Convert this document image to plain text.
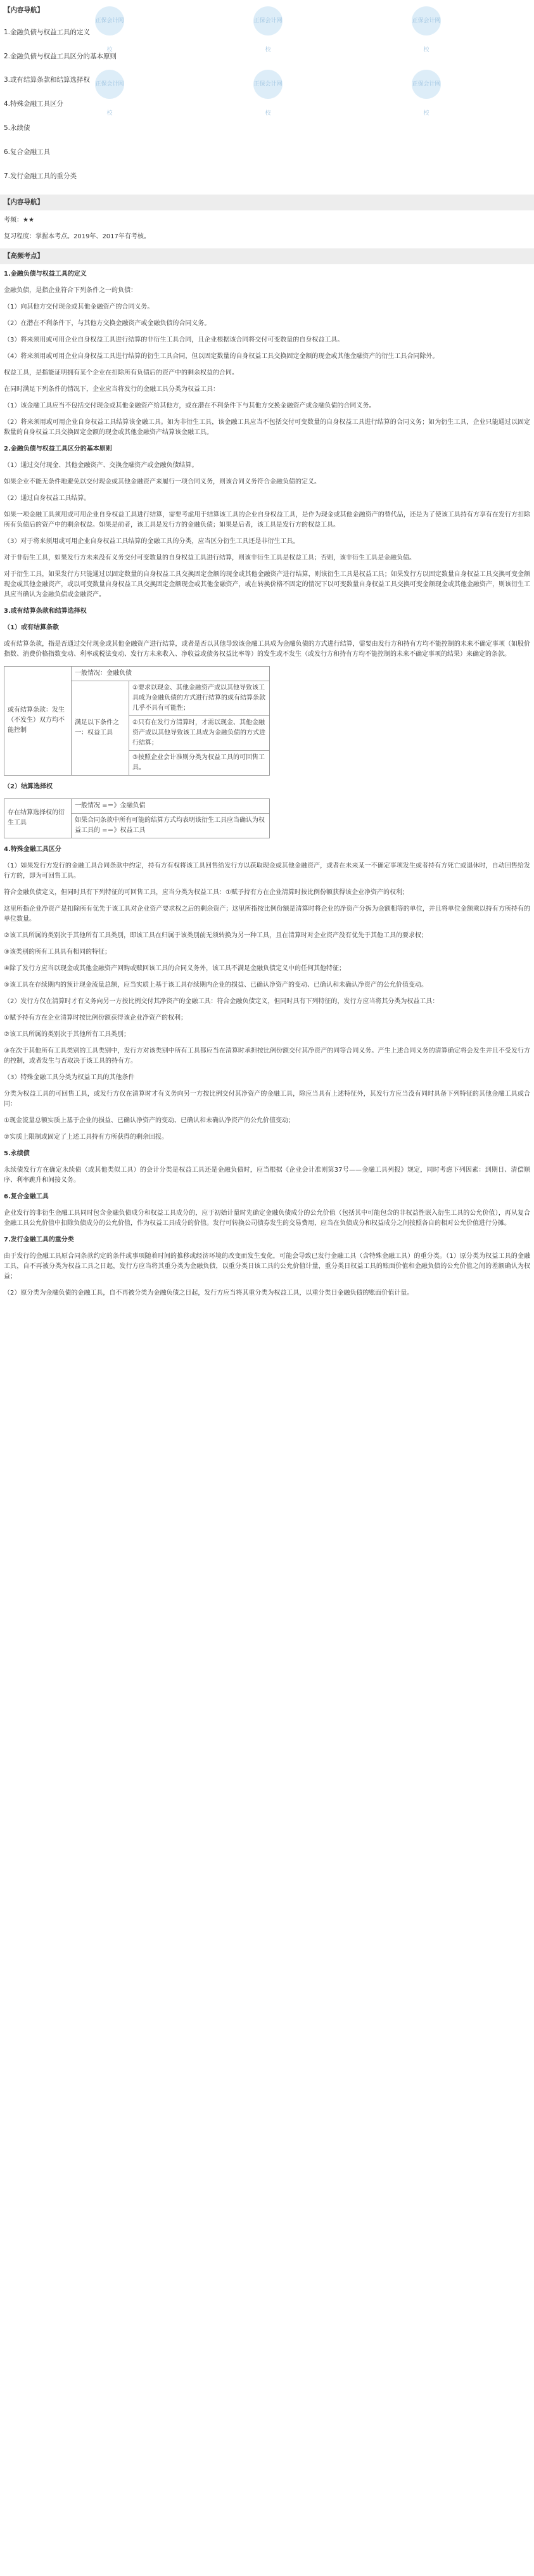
正保会计网校
正保会计网校
正保会计网校
正保会计网校
正保会计网校
正保会计网校

【内容导航】

1.金融负债与权益工具的定义

2.金融负债与权益工具区分的基本原则

3.或有结算条款和结算选择权

4.特殊金融工具区分

5.永续债

6.复合金融工具

7.发行金融工具的重分类

【内容导航】
考频：★★
复习程度：掌握本考点。2019年、2017年有考核。
【高频考点】

1.金融负债与权益工具的定义

金融负债，是指企业符合下列条件之一的负债：

（1）向其他方交付现金或其他金融资产的合同义务。

（2）在潜在不利条件下，与其他方交换金融资产或金融负债的合同义务。

（3）将来须用或可用企业自身权益工具进行结算的非衍生工具合同，且企业根据该合同将交付可变数量的自身权益工具。

（4）将来须用或可用企业自身权益工具进行结算的衍生工具合同，但以固定数量的自身权益工具交换固定金额的现金或其他金融资产的衍生工具合同除外。

权益工具，是指能证明拥有某个企业在扣除所有负债后的资产中的剩余权益的合同。

在同时满足下列条件的情况下，企业应当将发行的金融工具分类为权益工具：

（1）该金融工具应当不包括交付现金或其他金融资产给其他方，或在潜在不利条件下与其他方交换金融资产或金融负债的合同义务。

（2）将来须用或可用企业自身权益工具结算该金融工具。如为非衍生工具，该金融工具应当不包括交付可变数量的自身权益工具进行结算的合同义务；如为衍生工具，企业只能通过以固定数量的自身权益工具交换固定金额的现金或其他金融资产结算该金融工具。

2.金融负债与权益工具区分的基本原则

（1）通过交付现金、其他金融资产、交换金融资产或金融负债结算。

如果企业不能无条件地避免以交付现金或其他金融资产来履行一项合同义务，则该合同义务符合金融负债的定义。

（2）通过自身权益工具结算。

如果一项金融工具须用或可用企业自身权益工具进行结算，需要考虑用于结算该工具的企业自身权益工具，是作为现金或其他金融资产的替代品，还是为了使该工具持有方享有在发行方扣除所有负债后的资产中的剩余权益。如果是前者，该工具是发行方的金融负债；如果是后者，该工具是发行方的权益工具。

（3）对于将来须用或可用企业自身权益工具结算的金融工具的分类，应当区分衍生工具还是非衍生工具。

对于非衍生工具，如果发行方未来没有义务交付可变数量的自身权益工具进行结算，则该非衍生工具是权益工具；否则，该非衍生工具是金融负债。

对于衍生工具，如果发行方只能通过以固定数量的自身权益工具交换固定金额的现金或其他金融资产进行结算，则该衍生工具是权益工具；如果发行方以固定数量自身权益工具交换可变金额现金或其他金融资产，或以可变数量自身权益工具交换固定金额现金或其他金融资产，或在转换价格不固定的情况下以可变数量自身权益工具交换可变金额现金或其他金融资产，则该衍生工具应当确认为金融负债或金融资产。

3.或有结算条款和结算选择权

（1）或有结算条款

或有结算条款，指是否通过交付现金或其他金融资产进行结算，或者是否以其他导致该金融工具成为金融负债的方式进行结算，需要由发行方和持有方均不能控制的未来不确定事项（如股价指数、消费价格指数变动、利率或税法变动、发行方未来收入、净收益或债务权益比率等）的发生或不发生（或发行方和持有方均不能控制的未来不确定事项的结果）来确定的条款。

或有结算条款：发生（不发生）双方均不能控制	一般情况：金融负债	
	满足以下条件之一：权益工具	①要求以现金、其他金融资产或以其他导致该工具成为金融负债的方式进行结算的或有结算条款几乎不具有可能性；
		②只有在发行方清算时，才需以现金、其他金融资产或以其他导致该工具成为金融负债的方式进行结算；
		③按照企业会计准则分类为权益工具的可回售工具。

（2）结算选择权

存在结算选择权的衍生工具	一般情况 =＝》金融负债
如果合同条款中所有可能的结算方式均表明该衍生工具应当确认为权益工具的 =＝》权益工具

4.特殊金融工具区分

（1）如果发行方发行的金融工具合同条款中约定，持有方有权将该工具回售给发行方以获取现金或其他金融资产，或者在未来某一不确定事项发生或者持有方死亡或退休时，自动回售给发行方的，即为可回售工具。

符合金融负债定义，但同时具有下列特征的可回售工具，应当分类为权益工具：①赋予持有方在企业清算时按比例份额获得该企业净资产的权利；

这里所指企业净资产是扣除所有优先于该工具对企业资产要求权之后的剩余资产；这里所指按比例份额是清算时将企业的净资产分拆为金额相等的单位，并且将单位金额乘以持有方所持有的单位数量。

②该工具所属的类别次于其他所有工具类别，即该工具在归属于该类别前无须转换为另一种工具，且在清算时对企业资产没有优先于其他工具的要求权；

③该类别的所有工具具有相同的特征；

④除了发行方应当以现金或其他金融资产回购或赎回该工具的合同义务外，该工具不满足金融负债定义中的任何其他特征；

⑤该工具在存续期内的预计现金流量总额，应当实质上基于该工具存续期内企业的损益、已确认净资产的变动、已确认和未确认净资产的公允价值变动。

（2）发行方仅在清算时才有义务向另一方按比例交付其净资产的金融工具：符合金融负债定义，但同时具有下列特征的，发行方应当将其分类为权益工具：

①赋予持有方在企业清算时按比例份额获得该企业净资产的权利；

②该工具所属的类别次于其他所有工具类别；

③在次于其他所有工具类别的工具类别中，发行方对该类别中所有工具都应当在清算时承担按比例份额交付其净资产的同等合同义务。产生上述合同义务的清算确定将会发生并且不受发行方的控制，或者发生与否取决于该工具的持有方。

（3）特殊金融工具分类为权益工具的其他条件

分类为权益工具的可回售工具，或发行方仅在清算时才有义务向另一方按比例交付其净资产的金融工具，除应当具有上述特征外，其发行方应当没有同时具备下列特征的其他金融工具或合同：

①现金流量总额实质上基于企业的损益、已确认净资产的变动、已确认和未确认净资产的公允价值变动；

②实质上限制或固定了上述工具持有方所获得的剩余回报。

5.永续债

永续债发行方在确定永续债（或其他类似工具）的会计分类是权益工具还是金融负债时，应当根据《企业会计准则第37号——金融工具列报》规定，同时考虑下列因素：到期日、清偿顺序、利率跳升和间接义务。

6.复合金融工具

企业发行的非衍生金融工具同时包含金融负债成分和权益工具成分的，应于初始计量时先确定金融负债成分的公允价值（包括其中可能包含的非权益性嵌入衍生工具的公允价值），再从复合金融工具公允价值中扣除负债成分的公允价值，作为权益工具成分的价值。发行可转换公司债券发生的交易费用，应当在负债成分和权益成分之间按照各自的相对公允价值进行分摊。

7.发行金融工具的重分类

由于发行的金融工具原合同条款约定的条件或事项随着时间的推移或经济环境的改变而发生变化，可能会导致已发行金融工具（含特殊金融工具）的重分类。（1）原分类为权益工具的金融工具，自不再被分类为权益工具之日起，发行方应当将其重分类为金融负债，以重分类日该工具的公允价值计量，重分类日权益工具的账面价值和金融负债的公允价值之间的差额确认为权益；

（2）原分类为金融负债的金融工具，自不再被分类为金融负债之日起，发行方应当将其重分类为权益工具，以重分类日金融负债的账面价值计量。
